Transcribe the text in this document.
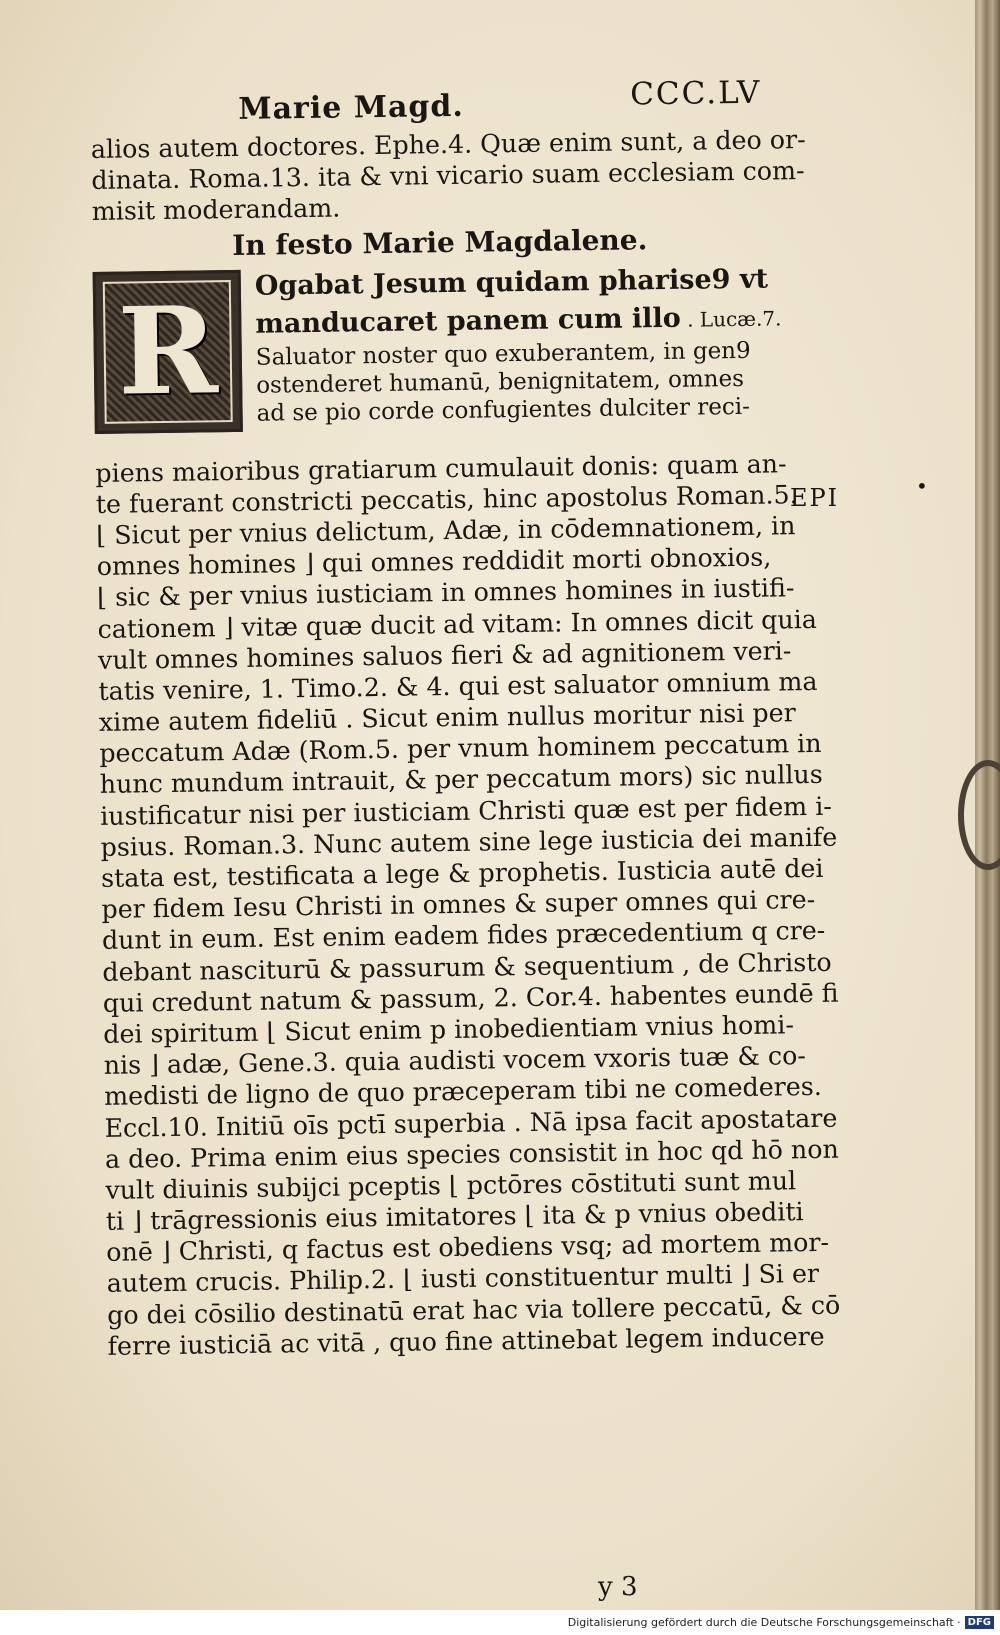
Marie Magd.	CCC.LV
alios autem doctores. Ephe.4. Quæ enim sunt, a deo or-
dinata. Roma.13. ita & vni vicario suam ecclesiam com-
misit moderandam.
In festo Marie Magdalene.
R Ogabat Jesum quidam pharise9 vt
manducaret panem cum illo . Lucæ.7.
Saluator noster quo exuberantem, in gen9
ostenderet humanū, benignitatem, omnes
ad se pio corde confugientes dulciter reci-
piens maioribus gratiarum cumulauit donis: quam an-
te fuerant constricti peccatis, hinc apostolus Roman.5.
⌊ Sicut per vnius delictum, Adæ, in cōdemnationem, in
omnes homines ⌋ qui omnes reddidit morti obnoxios,
⌊ sic & per vnius iusticiam in omnes homines in iustifi-
cationem ⌋ vitæ quæ ducit ad vitam: In omnes dicit quia
vult omnes homines saluos fieri & ad agnitionem veri-
tatis venire, 1. Timo.2. & 4. qui est saluator omnium ma
xime autem fideliū . Sicut enim nullus moritur nisi per
peccatum Adæ (Rom.5. per vnum hominem peccatum in
hunc mundum intrauit, & per peccatum mors) sic nullus
iustificatur nisi per iusticiam Christi quæ est per fidem i-
psius. Roman.3. Nunc autem sine lege iusticia dei manife
stata est, testificata a lege & prophetis. Iusticia autē dei
per fidem Iesu Christi in omnes & super omnes qui cre-
dunt in eum. Est enim eadem fides præcedentium q cre-
debant nasciturū & passurum & sequentium , de Christo
qui credunt natum & passum, 2. Cor.4. habentes eundē fi
dei spiritum ⌊ Sicut enim p inobedientiam vnius homi-
nis ⌋ adæ, Gene.3. quia audisti vocem vxoris tuæ & co-
medisti de ligno de quo præceperam tibi ne comederes.
Eccl.10. Initiū oīs pctī superbia . Nā ipsa facit apostatare
a deo. Prima enim eius species consistit in hoc qd hō non
vult diuinis subijci pceptis ⌊ pctōres cōstituti sunt mul
ti ⌋ trāgressionis eius imitatores ⌊ ita & p vnius obediti
onē ⌋ Christi, q factus est obediens vsq; ad mortem mor-
autem crucis. Philip.2. ⌊ iusti constituentur multi ⌋ Si er
go dei cōsilio destinatū erat hac via tollere peccatū, & cō
ferre iusticiā ac vitā , quo fine attinebat legem inducere
EPI	•
y 3
Digitalisierung gefördert durch die Deutsche Forschungsgemeinschaft · DFG
